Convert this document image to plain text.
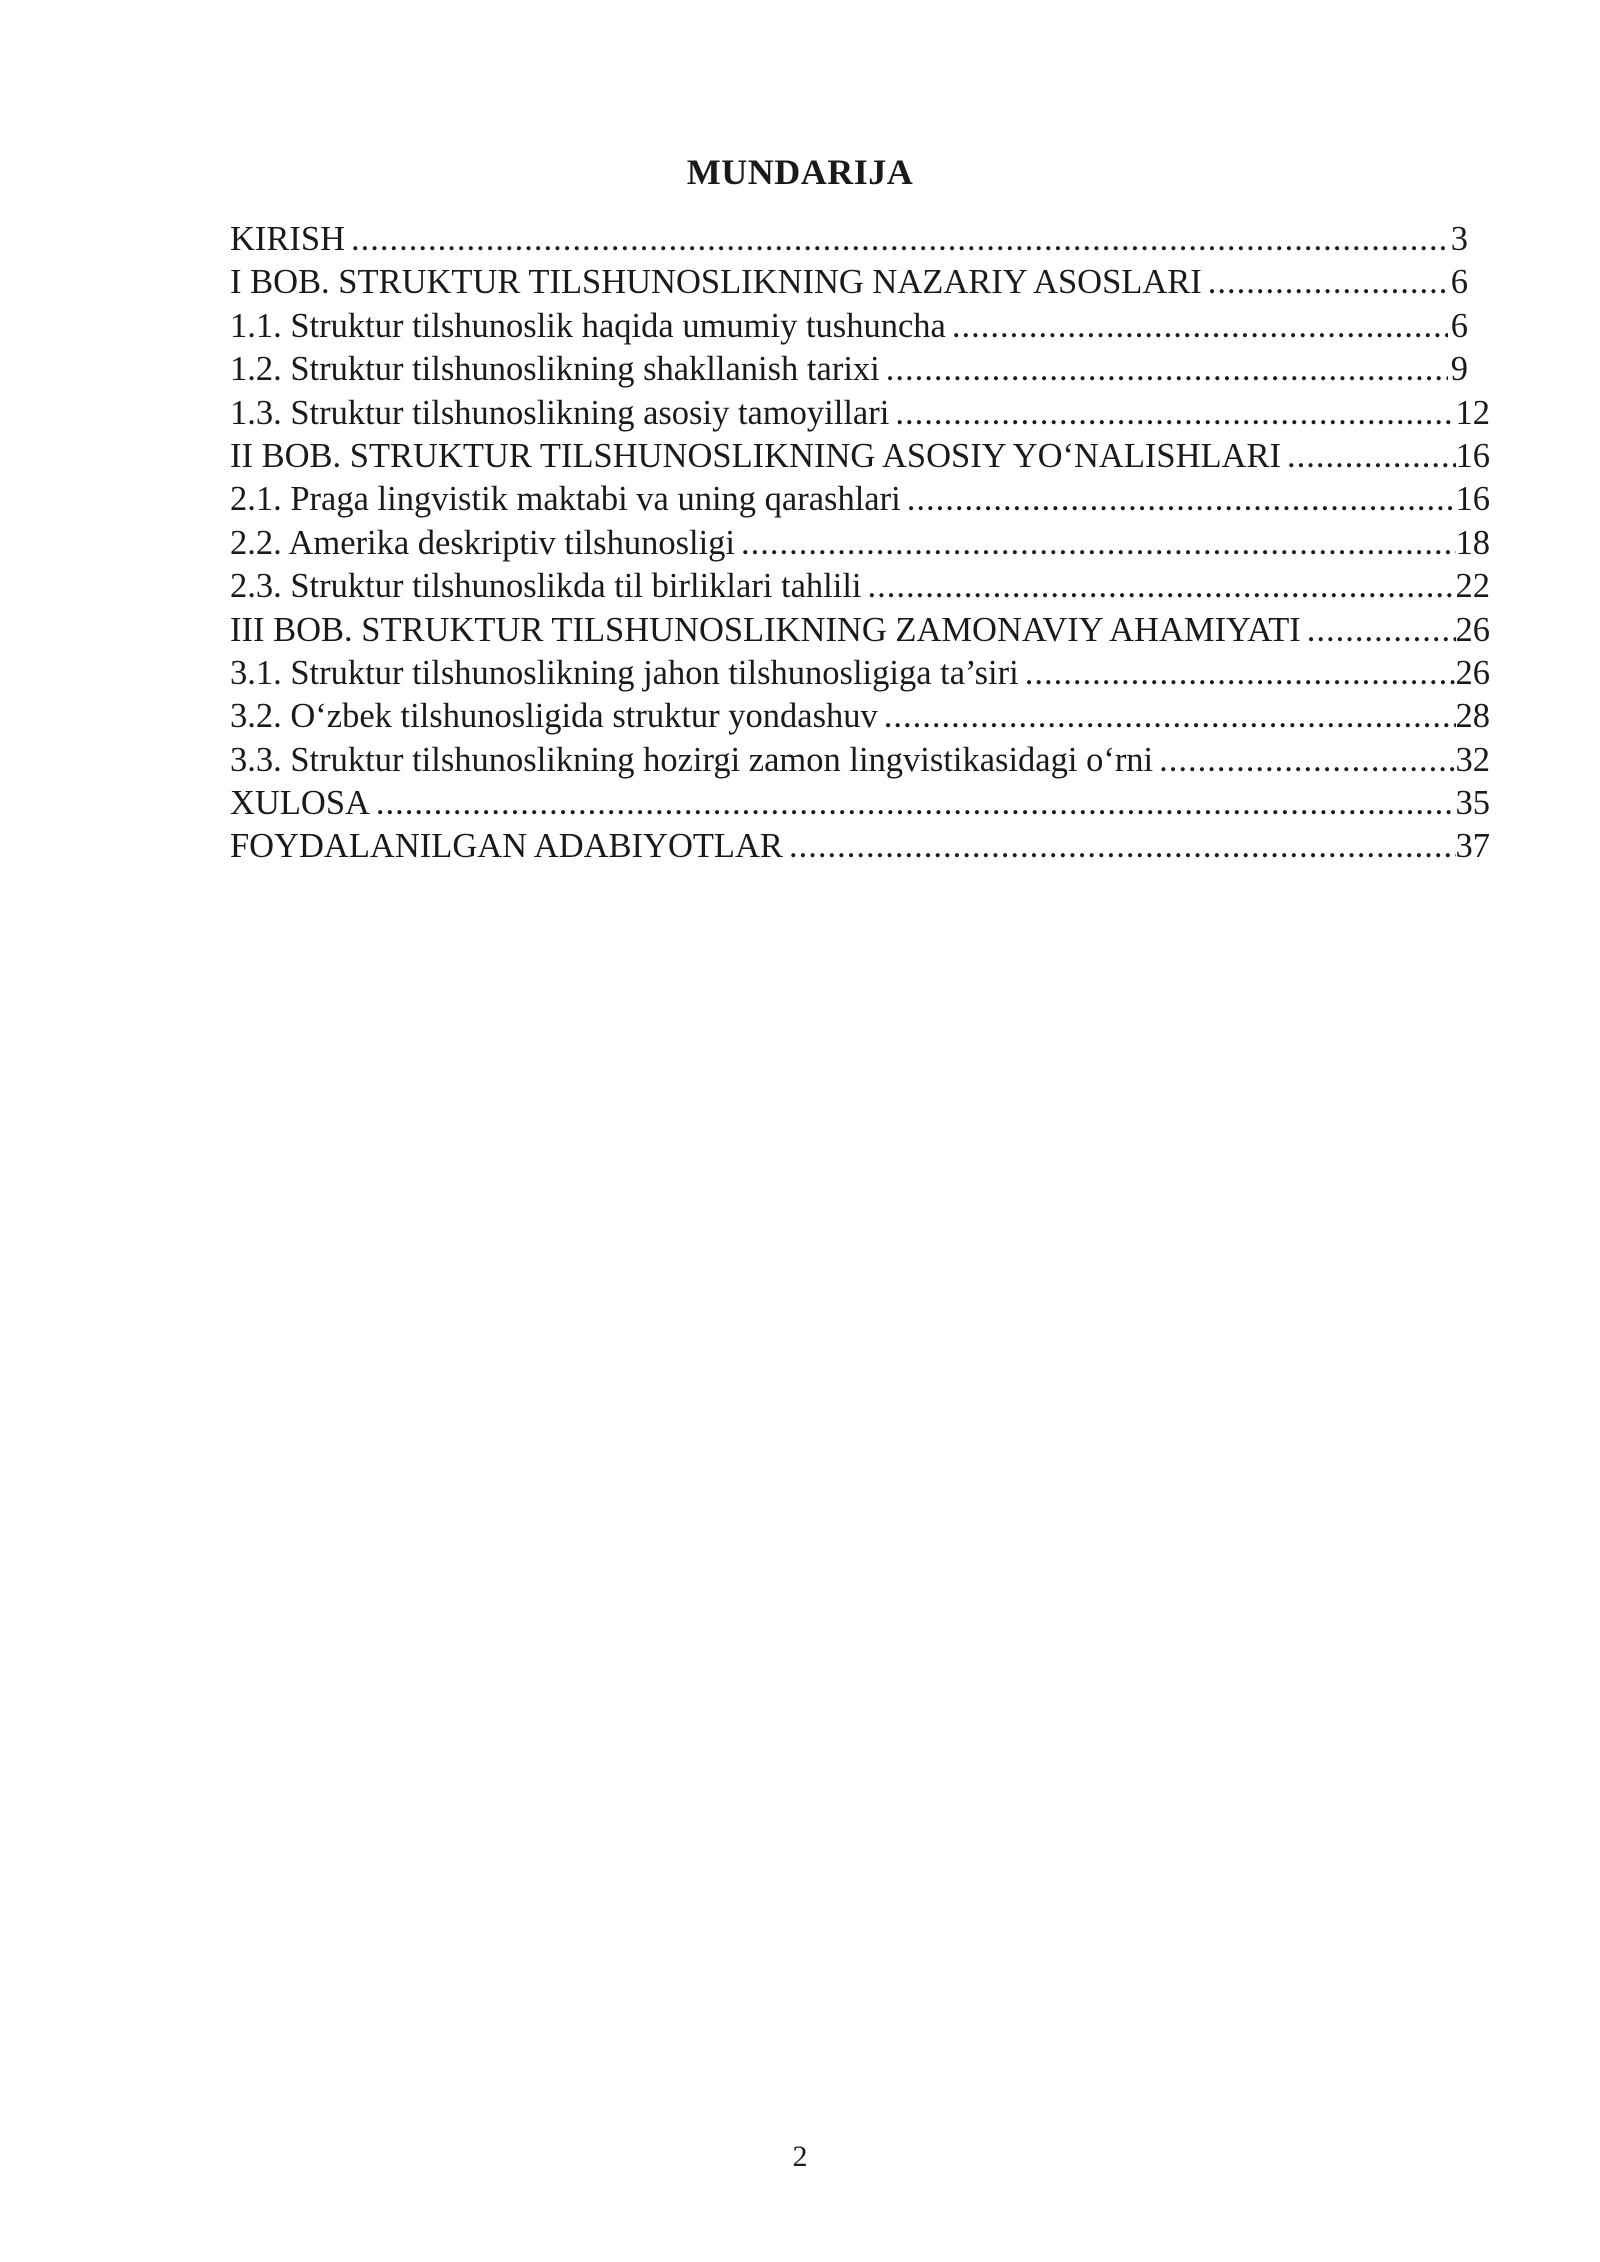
MUNDARIJA
KIRISH .....	3
I BOB. STRUKTUR TILSHUNOSLIKNING NAZARIY ASOSLARI .....	6
1.1. Struktur tilshunoslik haqida umumiy tushuncha .....	6
1.2. Struktur tilshunoslikning shakllanish tarixi .....	9
1.3. Struktur tilshunoslikning asosiy tamoyillari .....	12
II BOB. STRUKTUR TILSHUNOSLIKNING ASOSIY YO‘NALISHLARI .....	16
2.1. Praga lingvistik maktabi va uning qarashlari .....	16
2.2. Amerika deskriptiv tilshunosligi .....	18
2.3. Struktur tilshunoslikda til birliklari tahlili .....	22
III BOB. STRUKTUR TILSHUNOSLIKNING ZAMONAVIY AHAMIYATI .....	26
3.1. Struktur tilshunoslikning jahon tilshunosligiga ta’siri .....	26
3.2. O‘zbek tilshunosligida struktur yondashuv .....	28
3.3. Struktur tilshunoslikning hozirgi zamon lingvistikasidagi o‘rni .....	32
XULOSA .....	35
FOYDALANILGAN ADABIYOTLAR .....	37
2
